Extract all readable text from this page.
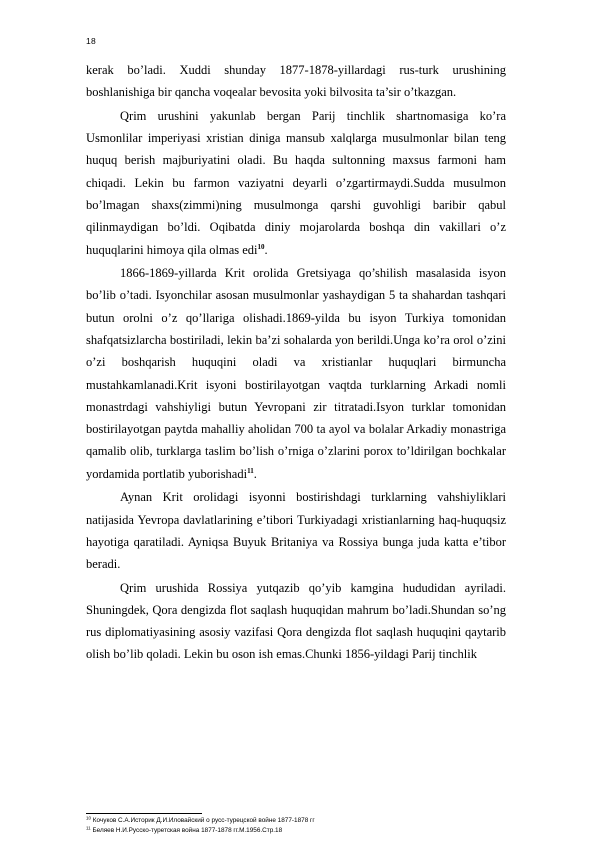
18

kerak bo’ladi. Xuddi shunday 1877-1878-yillardagi rus-turk urushining boshlanishiga bir qancha voqealar bevosita yoki bilvosita ta’sir o’tkazgan.

Qrim urushini yakunlab bergan Parij tinchlik shartnomasiga ko’ra Usmonlilar imperiyasi xristian diniga mansub xalqlarga musulmonlar bilan teng huquq berish majburiyatini oladi. Bu haqda sultonning maxsus farmoni ham chiqadi. Lekin bu farmon vaziyatni deyarli o’zgartirmaydi.Sudda musulmon bo’lmagan shaxs(zimmi)ning musulmonga qarshi guvohligi baribir qabul qilinmaydigan bo’ldi. Oqibatda diniy mojarolarda boshqa din vakillari o’z huquqlarini himoya qila olmas edi$^{10}$.

1866-1869-yillarda Krit orolida Gretsiyaga qo’shilish masalasida isyon bo’lib o’tadi. Isyonchilar asosan musulmonlar yashaydigan 5 ta shahardan tashqari butun orolni o’z qo’llariga olishadi.1869-yilda bu isyon Turkiya tomonidan shafqatsizlarcha bostiriladi, lekin ba’zi sohalarda yon berildi.Unga ko’ra orol o’zini o’zi boshqarish huquqini oladi va xristianlar huquqlari birmuncha mustahkamlanadi.Krit isyoni bostirilayotgan vaqtda turklarning Arkadi nomli monastrdagi vahshiyligi butun Yevropani zir titratadi.Isyon turklar tomonidan bostirilayotgan paytda mahalliy aholidan 700 ta ayol va bolalar Arkadiy monastriga qamalib olib, turklarga taslim bo’lish o’rniga o’zlarini porox to’ldirilgan bochkalar yordamida portlatib yuborishadi$^{11}$.

Aynan Krit orolidagi isyonni bostirishdagi turklarning vahshiyliklari natijasida Yevropa davlatlarining e’tibori Turkiyadagi xristianlarning haq-huquqsiz hayotiga qaratiladi. Ayniqsa Buyuk Britaniya va Rossiya bunga juda katta e’tibor beradi.

Qrim urushida Rossiya yutqazib qo’yib kamgina hududidan ayriladi. Shuningdek, Qora dengizda flot saqlash huquqidan mahrum bo’ladi.Shundan so’ng rus diplomatiyasining asosiy vazifasi Qora dengizda flot saqlash huquqini qaytarib olish bo’lib qoladi. Lekin bu oson ish emas.Chunki 1856-yildagi Parij tinchlik

$^{10}$ Кочуков С.А.Историк Д.И.Иловайский о русс-турецской войне 1877-1878 гг
$^{11}$ Беляев Н.И.Русско-туретская война 1877-1878 гг.М.1956.Стр.18
